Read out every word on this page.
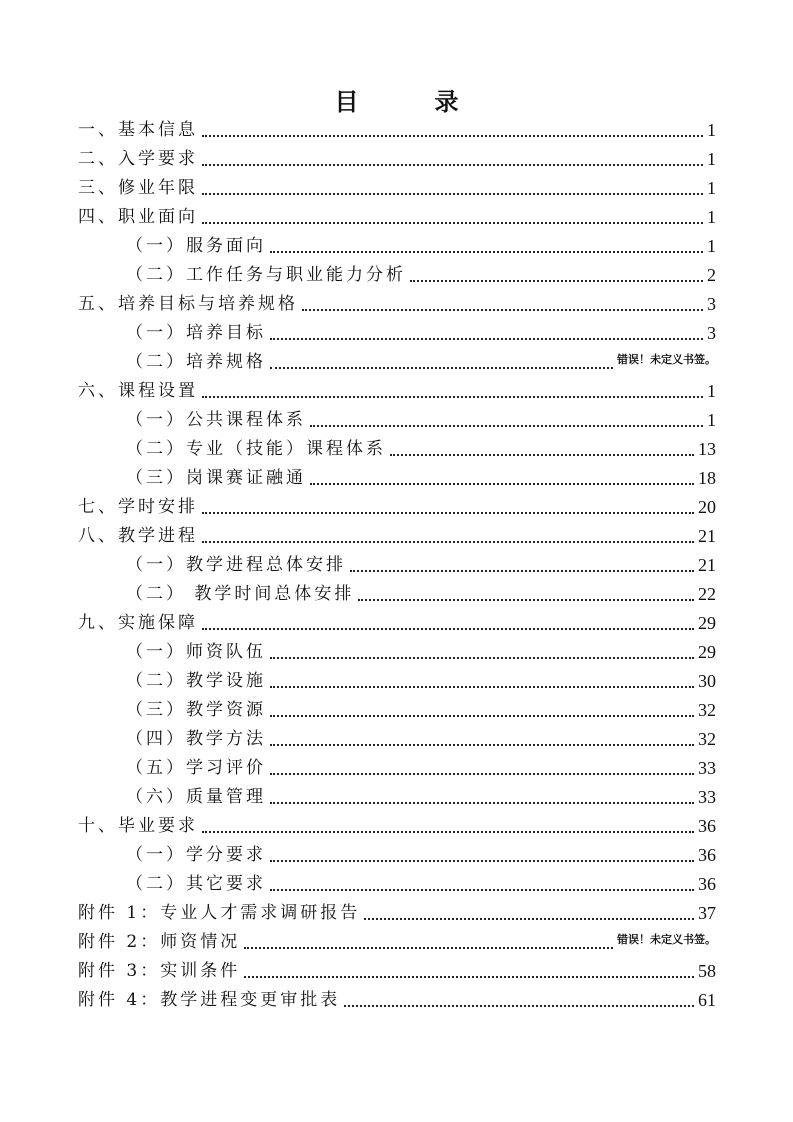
目　录
一、基本信息	1
二、入学要求	1
三、修业年限	1
四、职业面向	1
（一）服务面向	1
（二）工作任务与职业能力分析	2
五、培养目标与培养规格	3
（一）培养目标	3
（二）培养规格	错误！未定义书签。
六、课程设置	1
（一）公共课程体系	1
（二）专业（技能）课程体系	13
（三）岗课赛证融通	18
七、学时安排	20
八、教学进程	21
（一）教学进程总体安排	21
（二） 教学时间总体安排	22
九、实施保障	29
（一）师资队伍	29
（二）教学设施	30
（三）教学资源	32
（四）教学方法	32
（五）学习评价	33
（六）质量管理	33
十、毕业要求	36
（一）学分要求	36
（二）其它要求	36
附件 1：专业人才需求调研报告	37
附件 2：师资情况	错误！未定义书签。
附件 3：实训条件	58
附件 4：教学进程变更审批表	61
